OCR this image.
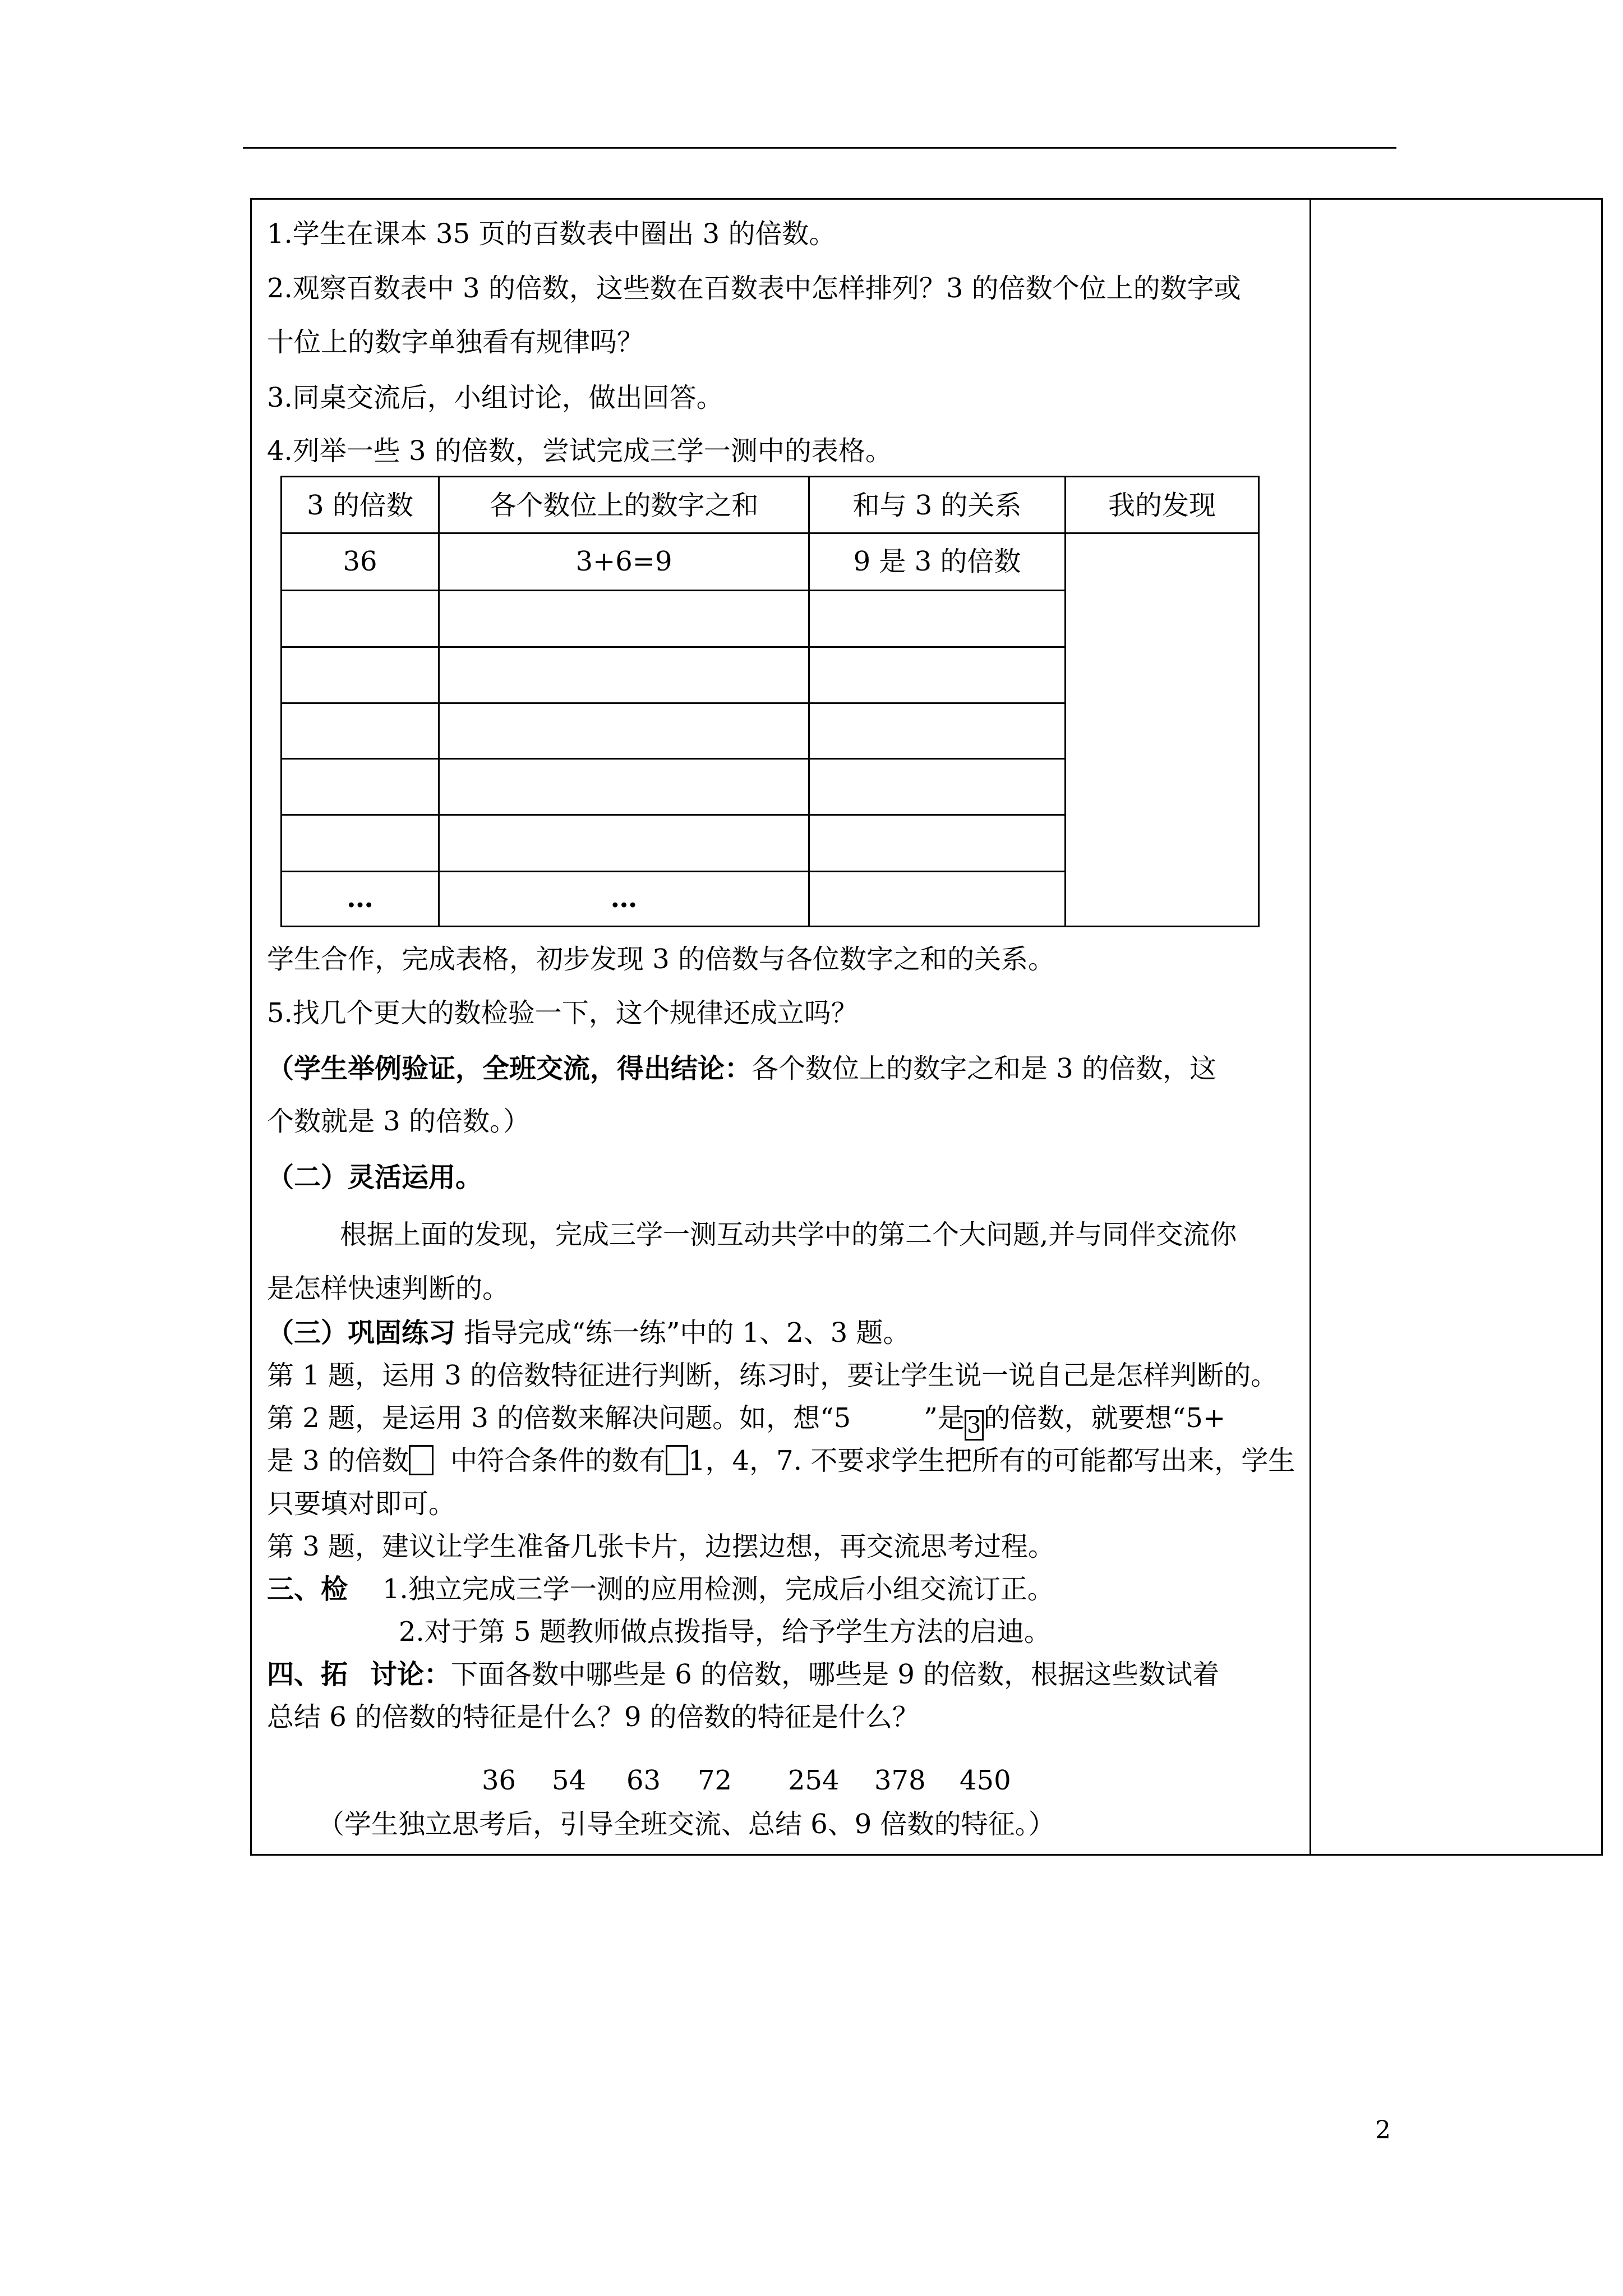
1.学生在课本 35 页的百数表中圈出 3 的倍数。
2.观察百数表中 3 的倍数，这些数在百数表中怎样排列？3 的倍数个位上的数字或
十位上的数字单独看有规律吗？
3.同桌交流后，小组讨论，做出回答。
4.列举一些 3 的倍数，尝试完成三学一测中的表格。
3 的倍数	各个数位上的数字之和	和与 3 的关系	我的发现
36	3+6=9	9 是 3 的倍数
…	…
学生合作，完成表格，初步发现 3 的倍数与各位数字之和的关系。
5.找几个更大的数检验一下，这个规律还成立吗？
（学生举例验证，全班交流，得出结论：各个数位上的数字之和是 3 的倍数，这
个数就是 3 的倍数。）
（二）灵活运用。
根据上面的发现，完成三学一测互动共学中的第二个大问题,并与同伴交流你
是怎样快速判断的。
（三）巩固练习 指导完成“练一练”中的 1、2、3 题。
第 1 题，运用 3 的倍数特征进行判断，练习时，要让学生说一说自己是怎样判断的。
第 2 题，是运用 3 的倍数来解决问题。如，想“5	”是 3的倍数，就要想“5+
是 3 的倍数 中符合条件的数有 1，4，7. 不要求学生把所有的可能都写出来，学生
只要填对即可。
第 3 题，建议让学生准备几张卡片，边摆边想，再交流思考过程。
三、检 1.独立完成三学一测的应用检测，完成后小组交流订正。
2.对于第 5 题教师做点拨指导，给予学生方法的启迪。
四、拓 讨论：下面各数中哪些是 6 的倍数，哪些是 9 的倍数，根据这些数试着
总结 6 的倍数的特征是什么？9 的倍数的特征是什么？
36 54 63 72 254 378 450
（学生独立思考后，引导全班交流、总结 6、9 倍数的特征。）
2
